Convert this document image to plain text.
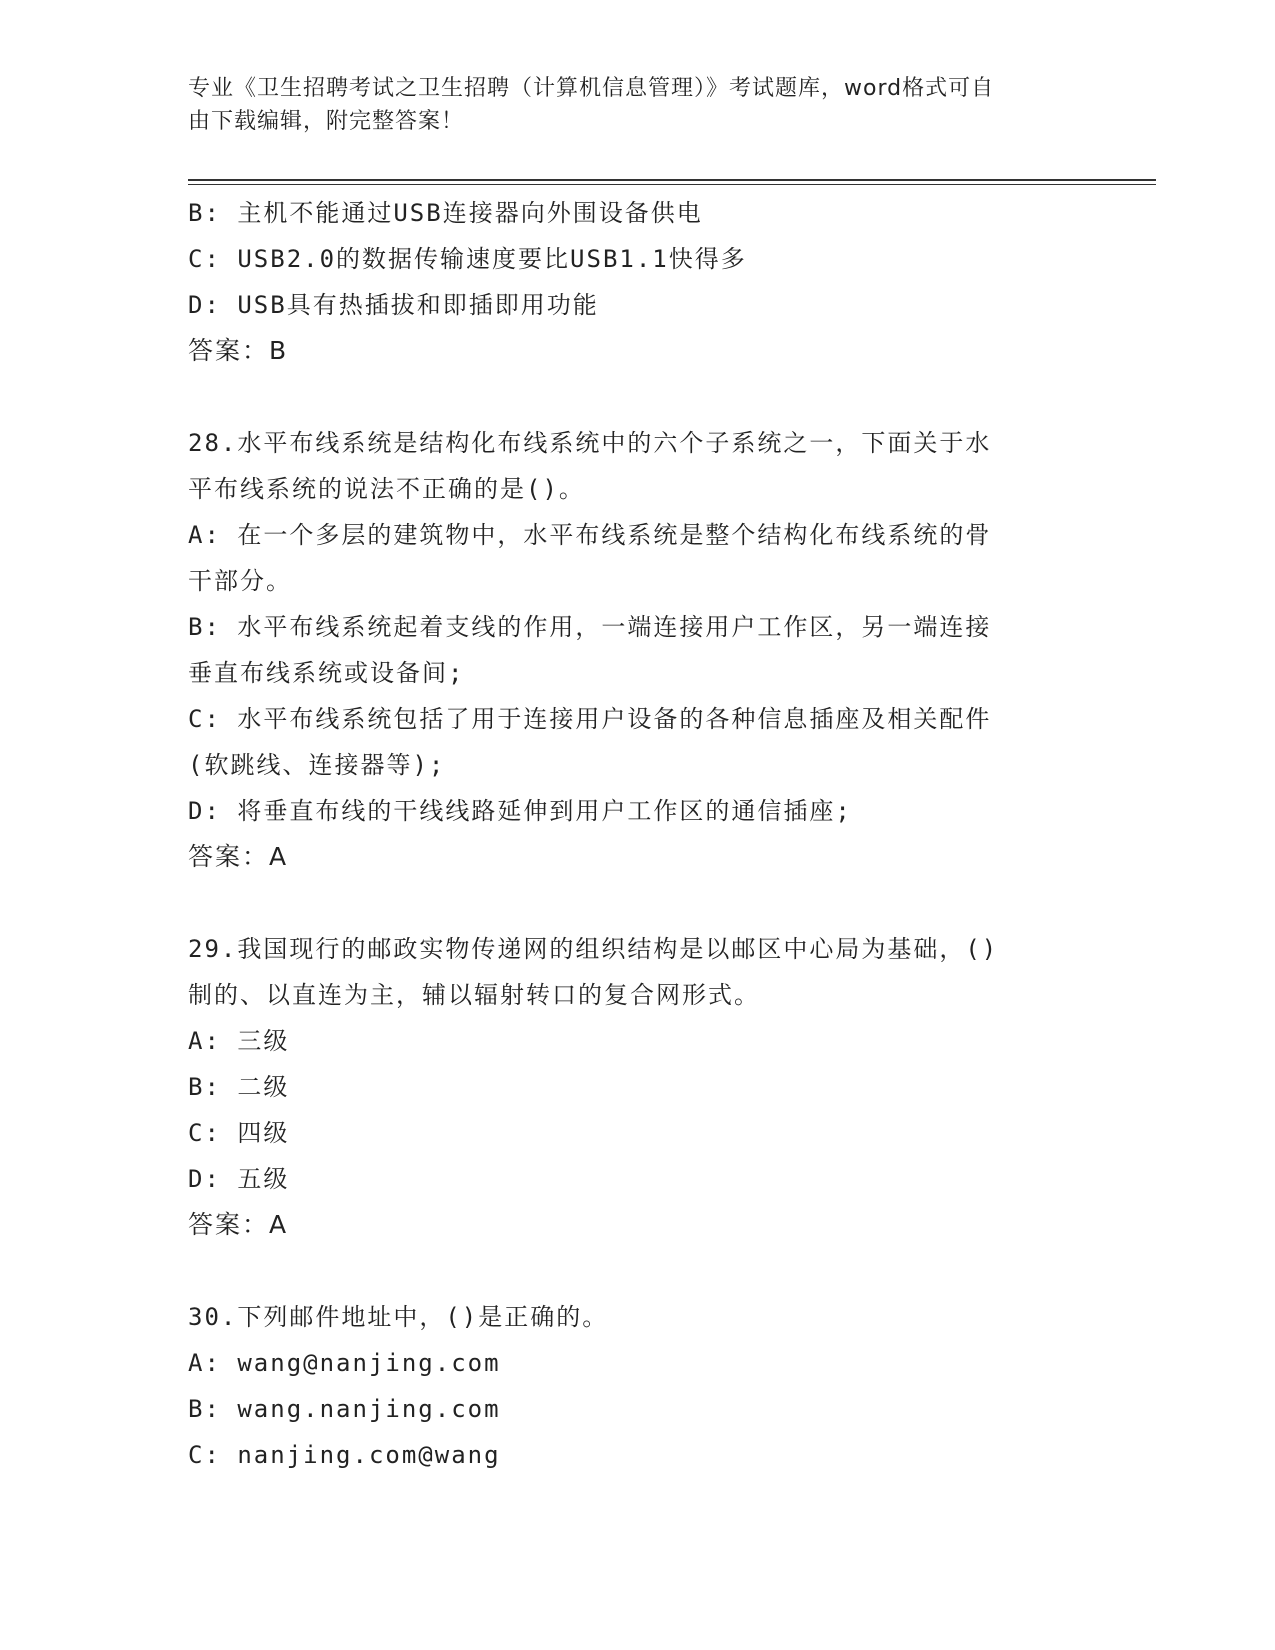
专业《卫生招聘考试之卫生招聘（计算机信息管理）》考试题库，word格式可自
由下载编辑，附完整答案！
B: 主机不能通过USB连接器向外围设备供电
C: USB2.0的数据传输速度要比USB1.1快得多
D: USB具有热插拔和即插即用功能
答案：B
28.水平布线系统是结构化布线系统中的六个子系统之一，下面关于水
平布线系统的说法不正确的是()。
A: 在一个多层的建筑物中，水平布线系统是整个结构化布线系统的骨
干部分。
B: 水平布线系统起着支线的作用，一端连接用户工作区，另一端连接
垂直布线系统或设备间;
C: 水平布线系统包括了用于连接用户设备的各种信息插座及相关配件
(软跳线、连接器等);
D: 将垂直布线的干线线路延伸到用户工作区的通信插座;
答案：A
29.我国现行的邮政实物传递网的组织结构是以邮区中心局为基础，()
制的、以直连为主，辅以辐射转口的复合网形式。
A: 三级
B: 二级
C: 四级
D: 五级
答案：A
30.下列邮件地址中，()是正确的。
A: wang@nanjing.com
B: wang.nanjing.com
C: nanjing.com@wang
